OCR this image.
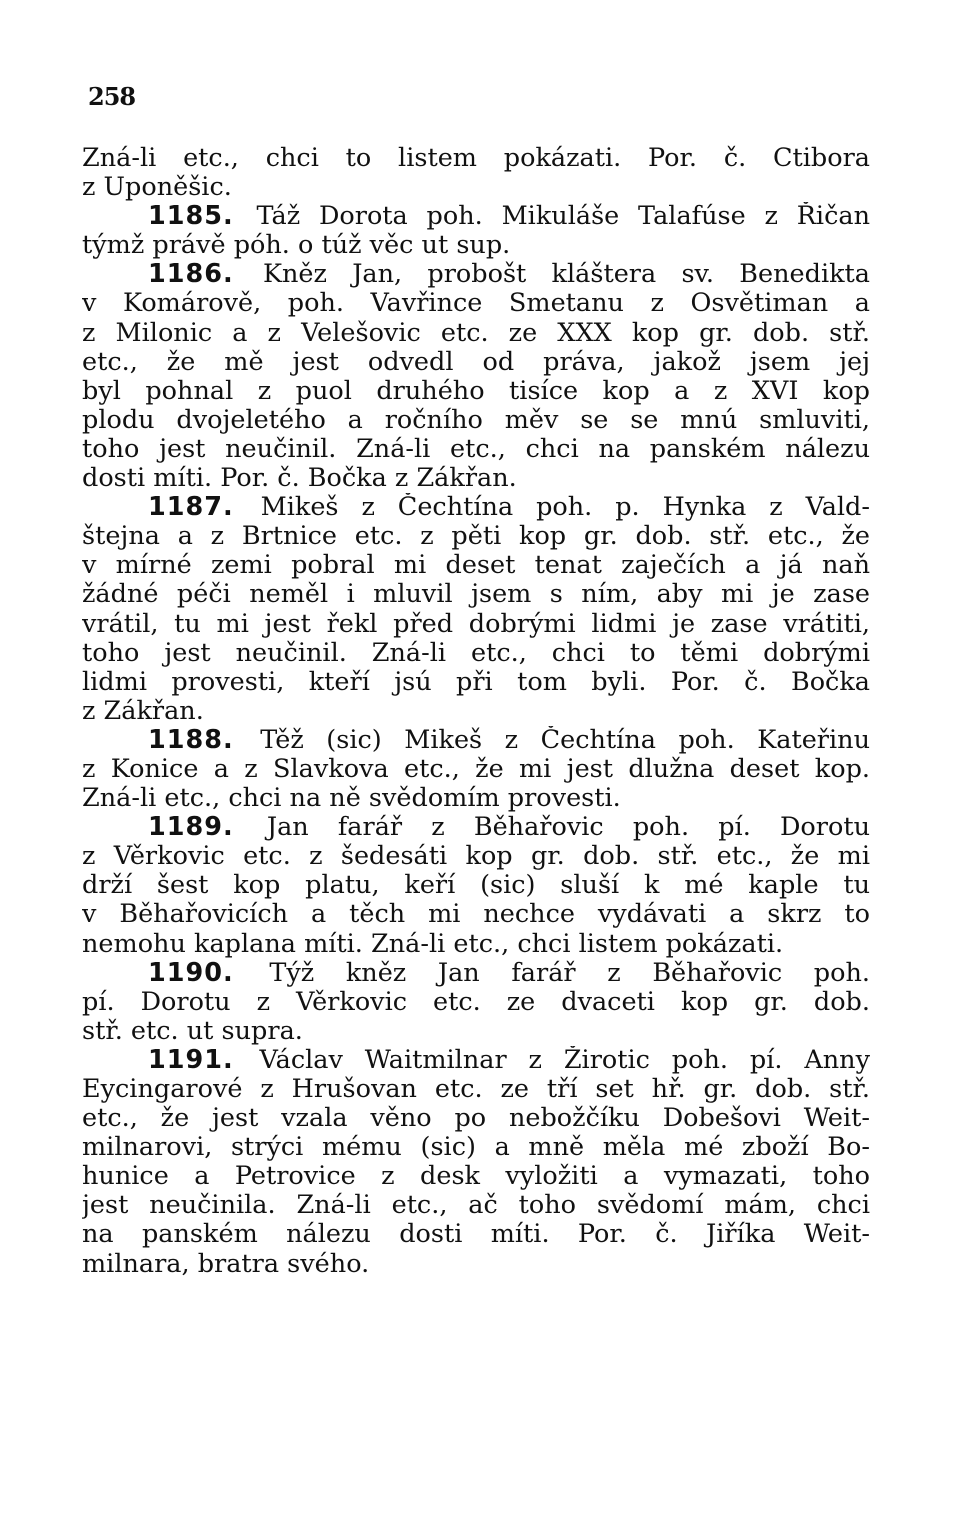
258
Zná-li etc., chci to listem pokázati. Por. č. Ctibora
z Uponěšic.
1185. Táž Dorota poh. Mikuláše Talafúse z Řičan
týmž právě póh. o túž věc ut sup.
1186. Kněz Jan, probošt kláštera sv. Benedikta
v Komárově, poh. Vavřince Smetanu z Osvětiman a
z Milonic a z Velešovic etc. ze XXX kop gr. dob. stř.
etc., že mě jest odvedl od práva, jakož jsem jej
byl pohnal z puol druhého tisíce kop a z XVI kop
plodu dvojeletého a ročního měv se se mnú smluviti,
toho jest neučinil. Zná-li etc., chci na panském nálezu
dosti míti. Por. č. Bočka z Zákřan.
1187. Mikeš z Čechtína poh. p. Hynka z Vald-
štejna a z Brtnice etc. z pěti kop gr. dob. stř. etc., že
v mírné zemi pobral mi deset tenat zaječích a já naň
žádné péči neměl i mluvil jsem s ním, aby mi je zase
vrátil, tu mi jest řekl před dobrými lidmi je zase vrátiti,
toho jest neučinil. Zná-li etc., chci to těmi dobrými
lidmi provesti, kteří jsú při tom byli. Por. č. Bočka
z Zákřan.
1188. Těž (sic) Mikeš z Čechtína poh. Kateřinu
z Konice a z Slavkova etc., že mi jest dlužna deset kop.
Zná-li etc., chci na ně svědomím provesti.
1189. Jan farář z Běhařovic poh. pí. Dorotu
z Věrkovic etc. z šedesáti kop gr. dob. stř. etc., že mi
drží šest kop platu, keří (sic) sluší k mé kaple tu
v Běhařovicích a těch mi nechce vydávati a skrz to
nemohu kaplana míti. Zná-li etc., chci listem pokázati.
1190. Týž kněz Jan farář z Běhařovic poh.
pí. Dorotu z Věrkovic etc. ze dvaceti kop gr. dob.
stř. etc. ut supra.
1191. Václav Waitmilnar z Žirotic poh. pí. Anny
Eycingarové z Hrušovan etc. ze tří set hř. gr. dob. stř.
etc., že jest vzala věno po nebožčíku Dobešovi Weit-
milnarovi, strýci mému (sic) a mně měla mé zboží Bo-
hunice a Petrovice z desk vyložiti a vymazati, toho
jest neučinila. Zná-li etc., ač toho svědomí mám, chci
na panském nálezu dosti míti. Por. č. Jiříka Weit-
milnara, bratra svého.
